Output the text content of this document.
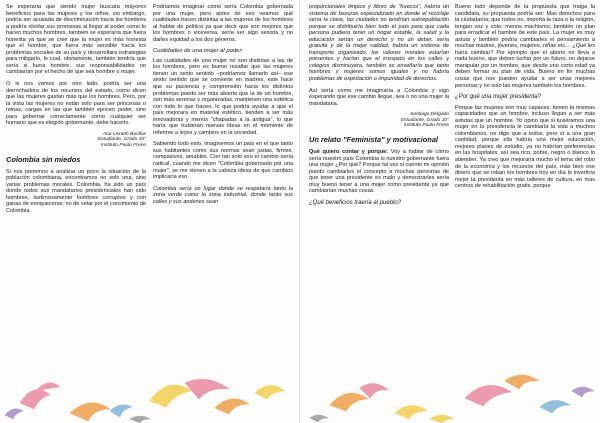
Se esperaría que siendo mujer buscara mayores beneficios para las mujeres y los niños, sin embargo, podría ser acusada de discriminación hacia los hombres a podría olvidar sus promesas al llegar al poder como lo hacen muchos hombres, también se esperaría que fuera honesta ya que se cree que la mujer es más honesta que el hombre, que fuera más sensible hacia los problemas sociales de su país y desarrollara estrategias para mitigarlo, lo cual, obviamente, también tendría que sería si fuera hombre, sus responsabilidades no cambiarían por el hecho de que sea hombre o mujer.

O si nos vamos por otro lado, podría ser una derrochadora de los recursos del estado, como dicen que las mujeres gastan más que los hombres. Pero, por la vista las mujeres no están solo para ser princesas o reinas, cargas en las que también ejercen poder, sino para gobernar correctamente como cualquier ser humano que es elegido gobernante, debe hacerlo.

Ana Lisneth Barillas
Estudiante, Grado 10°
Instituto Paulo Freire
Colombia sin miedos

Si nos ponemos a analizar un poco la situación de la población colombiana, encontramos no solo una, sino varias problemas morales. Colombia, ha sido un país donde todos sus mandatarios presidenciales han sido hombres, lastimosamente hombres corruptos y con ganas de enriquecerse; no de velar por el crecimiento de Colombia.

Podríamos imaginar cómo sería Colombia gobernada por una mujer, pero antes de eso veamos qué cualidades hacen distintas a las mujeres de los hombres al hablar de política ya que decir que son mejores que los hombres o viceversa, sería ser algo sexista y no darles equidad a los dos géneros.

Cualidades de una mujer al poder:

Las cualidades de una mujer no son distintas a las de los hombres, pero es bueno resaltar que las mujeres tienen un sexto sentido –podríamos llamarlo así– ese sexto sentido que se convierte en madres, este hace que su paciencia y comprensión hacia los distintos problemas puedo ser más abierta que la de un hombre, son más serenas y organizadas, mantienen una estética con todo lo que hacen, lo que podría ayudar a que el país mejorara en material estético, tienden a ser más innovadoras y menos "chapadas a la antigua", lo que haría que hubieran nuevas ideas en el momento de referirse a leyes y cambios en la sociedad.

Sabiendo todo esto, imaginemos un país en el que tanto sus habitantes como sus normas sean justas, firmes, compasivos, amables. Con tan solo eso el cambio sería radical, cuando me dicen "Colombia gobernado por una mujer", se me vienen a la cabeza ideas de que cambios implicaría eso.

Colombia sería un lugar donde se respetaría tanto la zona verde como la zona industrial, donde tanto sus calles y sus andenes sean

proporcionales limpios y libres de "huecos", habría un sistema de basuras especializado en donde el reciclaje sería la clave, las ciudades no tendrían sobrepoblación porque se distribuiría bien todo el país para que cada persona pudiera tener un hogar estable, la salud y la educación serían un derecho y no un deber, sería gratuita y de la mejor calidad, habría un sistema de transporte organizado, los valores morales estarían presentes y harían que el irrespeto en los calles y colegios disminuyera, también se enseñaría que tanto hombres y mujeres somos iguales y no habría problemas de explotación o impunidad de derechos.

Así sería como me imaginaría a Colombia y sigo esperando que ese cambio llegue, sea o no una mujer la mandataria.

Santiago Delgado
Estudiante, Grado 10°
Instituto Paulo Freire
Un relato "Feminista" y motivacional

Qué quiero contar y porque: Voy a hablar de cómo sería nuestro país Colombia si nuestro gobernante fuera una mujer ¿Por qué? Porque tal vez si cuento mi opinión puedo cambiarles el concepto a muchas personas de que tener una presidente es malo y demostrarles sería muy bueno tener a una mujer como presidenta ya que cambiarían muchas cosas.

¿Qué beneficios traería al pueblo?

Bueno todo depende de la propuesta que traiga la candidata, su propuesta podría ser: Mas derechos para la ciudadanía; que todos no, importa la raza o la religión, tengan voz y voto; menos machismo; también un plan para erradicar el hambre de este país. La mujer es muy astuta y también podría cambiarles el pensamiento a muchas madres, jóvenes, mujeres, niñas etc… ¿Qué les haría cambiar? Por ejemplo que el aborto no lleva a nada bueno, que deben luchar por un futuro, no dejarse manipular por un hombre, que desde uno corto edad ya deben formar su plan de vida. Bueno en fin muchas cosas que nos pueden ayudar a ser unas mejores personas y no solo las mujeres también los hombres.

¿Por qué una mujer presidenta?

Porque las mujeres son muy capaces, tienen la mismas capacidades que un hombre, incluso llegan a ser más astutas que un hombre. Yo opino que si tuviéramos una mujer en la presidencia le cambiaría la vida a muchos colombianos, no digo que a todos, pero sí a una gran cantidad, porque ella habría una mejor educación, mejores planes de estudio, ya no habrían preferencias en las hospitales, así sea rico, pobre, negro o blanco lo atienden. Ya creo que mejoraría mucho el tema del robo de la economía y los recursos del país, más bien ese dinero que se roban los hombres hoy en día lo invertiría mejor la presidenta en más talleres de cultura, en más centros de rehabilitación gratis, porque
